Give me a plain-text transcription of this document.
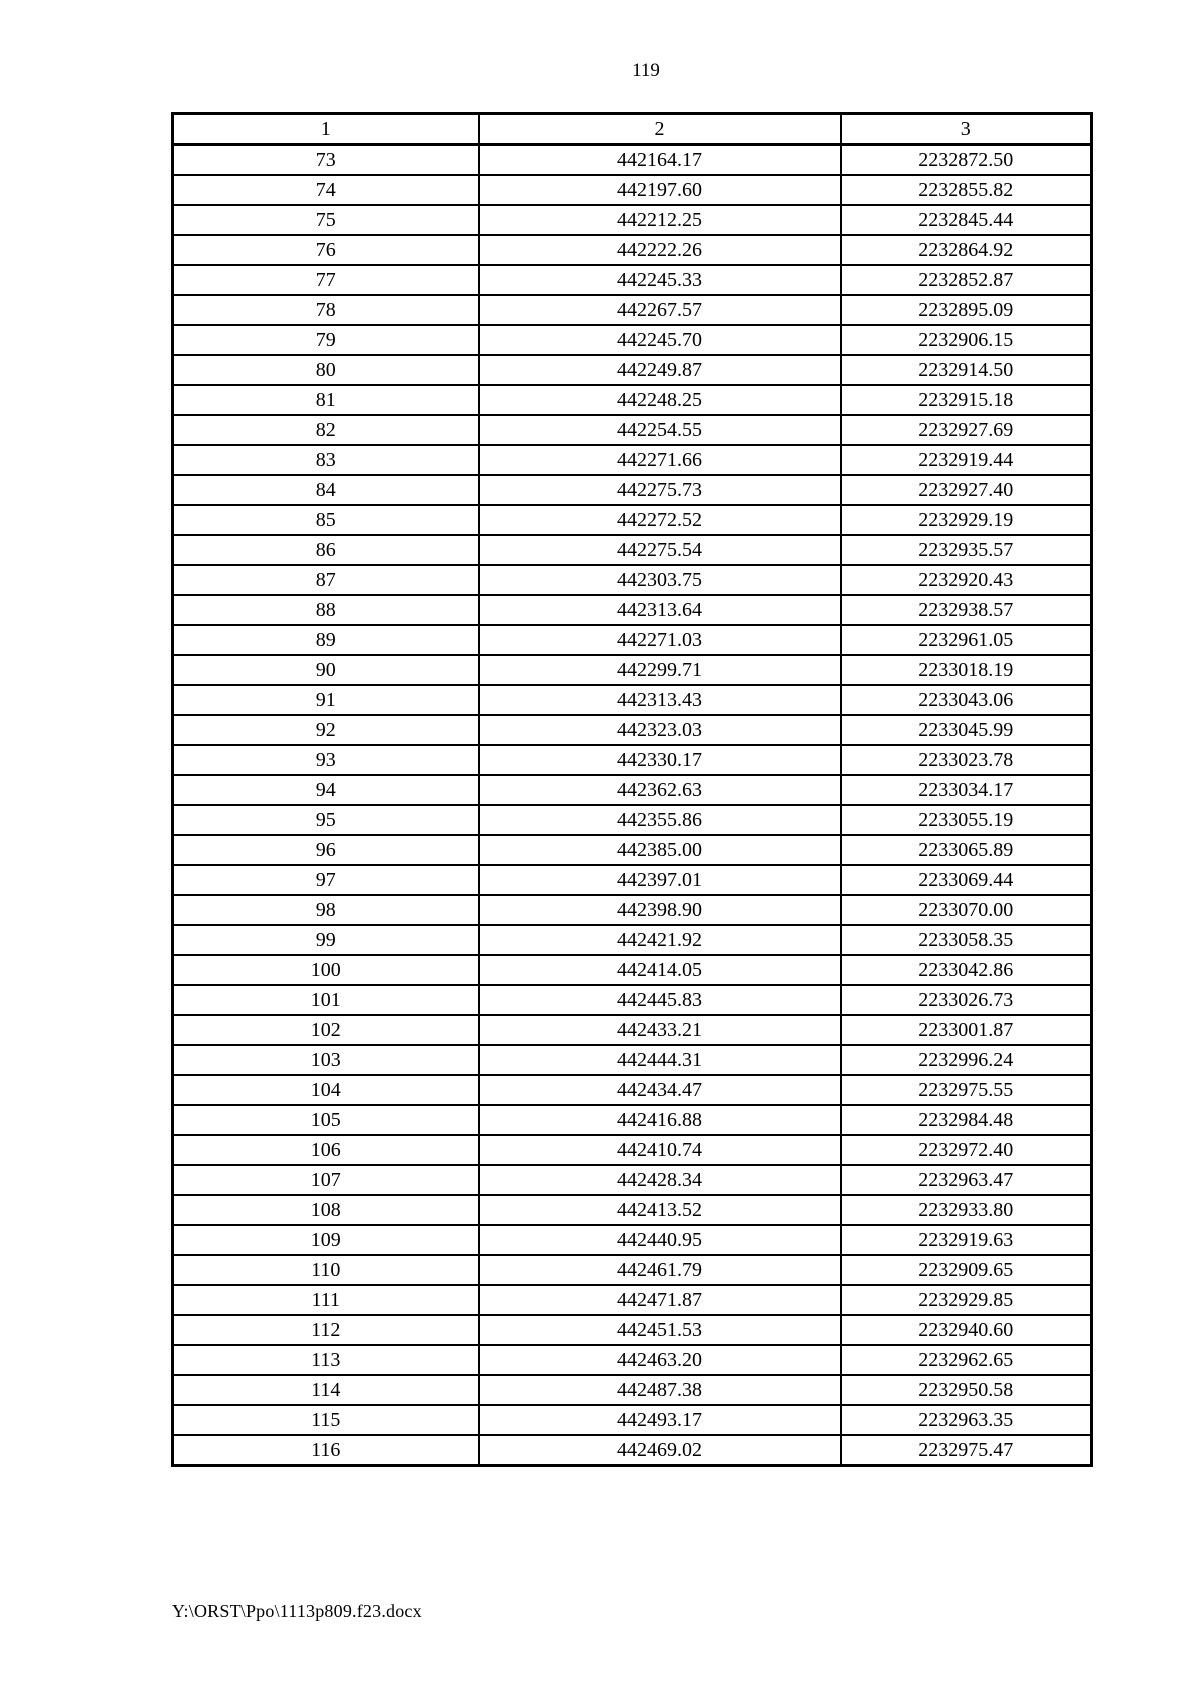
119
1	2	3
73	442164.17	2232872.50
74	442197.60	2232855.82
75	442212.25	2232845.44
76	442222.26	2232864.92
77	442245.33	2232852.87
78	442267.57	2232895.09
79	442245.70	2232906.15
80	442249.87	2232914.50
81	442248.25	2232915.18
82	442254.55	2232927.69
83	442271.66	2232919.44
84	442275.73	2232927.40
85	442272.52	2232929.19
86	442275.54	2232935.57
87	442303.75	2232920.43
88	442313.64	2232938.57
89	442271.03	2232961.05
90	442299.71	2233018.19
91	442313.43	2233043.06
92	442323.03	2233045.99
93	442330.17	2233023.78
94	442362.63	2233034.17
95	442355.86	2233055.19
96	442385.00	2233065.89
97	442397.01	2233069.44
98	442398.90	2233070.00
99	442421.92	2233058.35
100	442414.05	2233042.86
101	442445.83	2233026.73
102	442433.21	2233001.87
103	442444.31	2232996.24
104	442434.47	2232975.55
105	442416.88	2232984.48
106	442410.74	2232972.40
107	442428.34	2232963.47
108	442413.52	2232933.80
109	442440.95	2232919.63
110	442461.79	2232909.65
111	442471.87	2232929.85
112	442451.53	2232940.60
113	442463.20	2232962.65
114	442487.38	2232950.58
115	442493.17	2232963.35
116	442469.02	2232975.47
Y:\ORST\Ppo\1113p809.f23.docx
